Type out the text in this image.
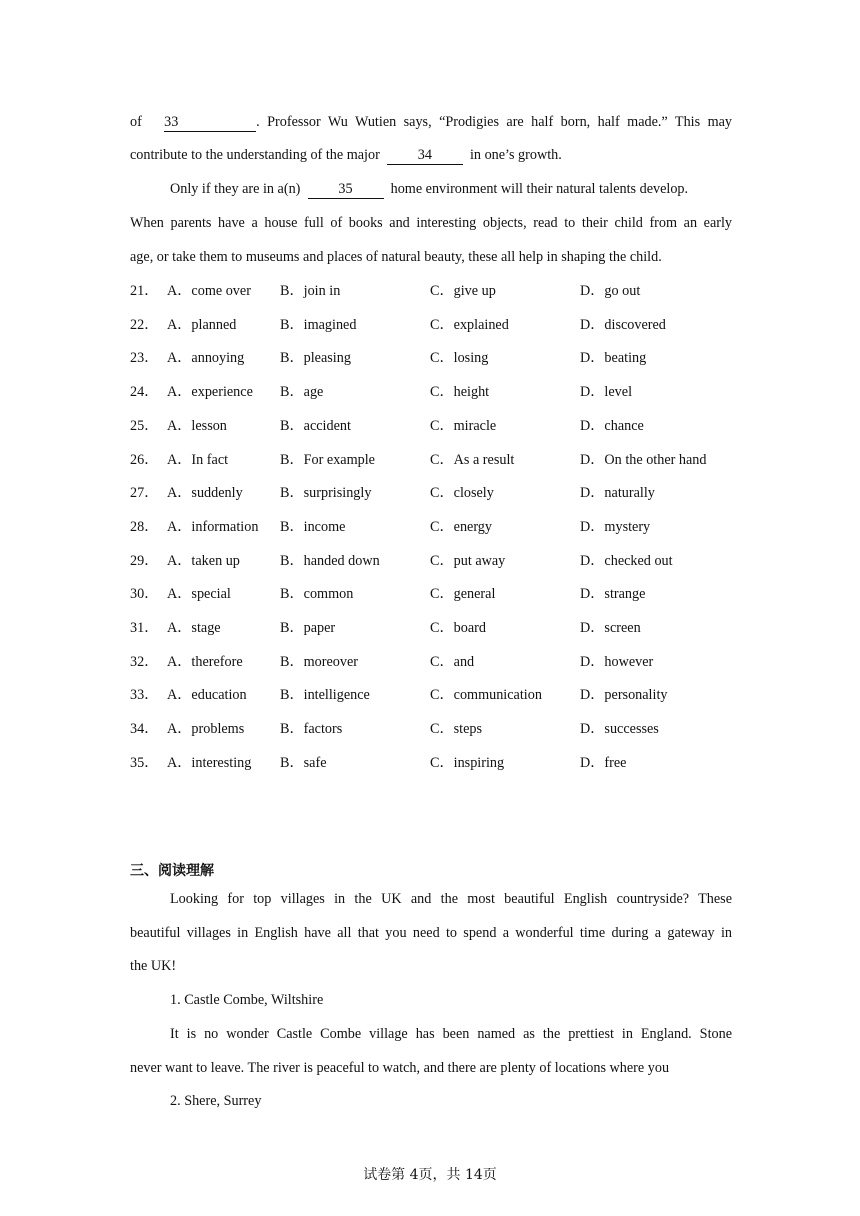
of 33	. Professor Wu Wutien says, “Prodigies are half born, half made.” This may
contribute to the understanding of the major	34	in one’s growth.
Only if they are in a(n)	35	home environment will their natural talents develop.
When parents have a house full of books and interesting objects, read to their child from an early
age, or take them to museums and places of natural beauty, these all help in shaping the child.
21． A．come over B．join in	C．give up	D．go out
22． A．planned	B．imagined	C．explained	D．discovered
23． A．annoying	B．pleasing	C．losing	D．beating
24． A．experience B．age	C．height	D．level
25． A．lesson	B．accident	C．miracle	D．chance
26． A．In fact	B．For example	C．As a result	D．On the other hand
27． A．suddenly	B．surprisingly	C．closely	D．naturally
28． A．information B．income	C．energy	D．mystery
29． A．taken up	B．handed down	C．put away	D．checked out
30． A．special	B．common	C．general	D．strange
31． A．stage	B．paper	C．board	D．screen
32． A．therefore	B．moreover	C．and	D．however
33． A．education B．intelligence	C．communication	D．personality
34． A．problems	B．factors	C．steps	D．successes
35． A．interesting B．safe	C．inspiring	D．free
三、阅读理解
Looking for top villages in the UK and the most beautiful English countryside? These
beautiful villages in English have all that you need to spend a wonderful time during a gateway in
the UK!
1. Castle Combe, Wiltshire
It is no wonder Castle Combe village has been named as the prettiest in England. Stone
never want to leave. The river is peaceful to watch, and there are plenty of locations where you
2. Shere, Surrey
试卷第 4页，共 14页
